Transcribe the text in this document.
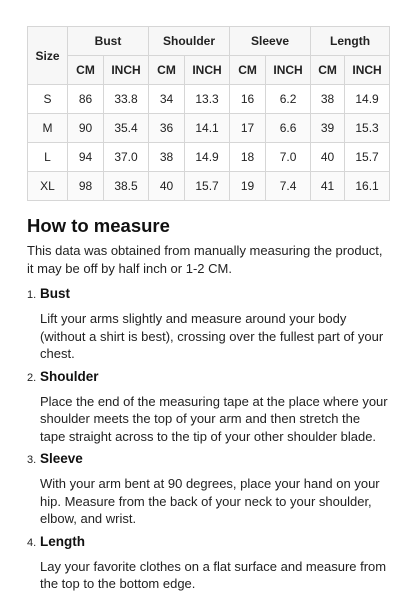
Size	Bust		Shoulder		Sleeve		Length	
	CM	INCH	CM	INCH	CM	INCH	CM	INCH
S	86	33.8	34	13.3	16	6.2	38	14.9
M	90	35.4	36	14.1	17	6.6	39	15.3
L	94	37.0	38	14.9	18	7.0	40	15.7
XL	98	38.5	40	15.7	19	7.4	41	16.1
How to measure

This data was obtained from manually measuring the product, it may be off by half inch or 1-2 CM.

1. Bust

Lift your arms slightly and measure around your body (without a shirt is best), crossing over the fullest part of your chest.

2. Shoulder

Place the end of the measuring tape at the place where your shoulder meets the top of your arm and then stretch the tape straight across to the tip of your other shoulder blade.

3. Sleeve

With your arm bent at 90 degrees, place your hand on your hip. Measure from the back of your neck to your shoulder, elbow, and wrist.

4. Length

Lay your favorite clothes on a flat surface and measure from the top to the bottom edge.
